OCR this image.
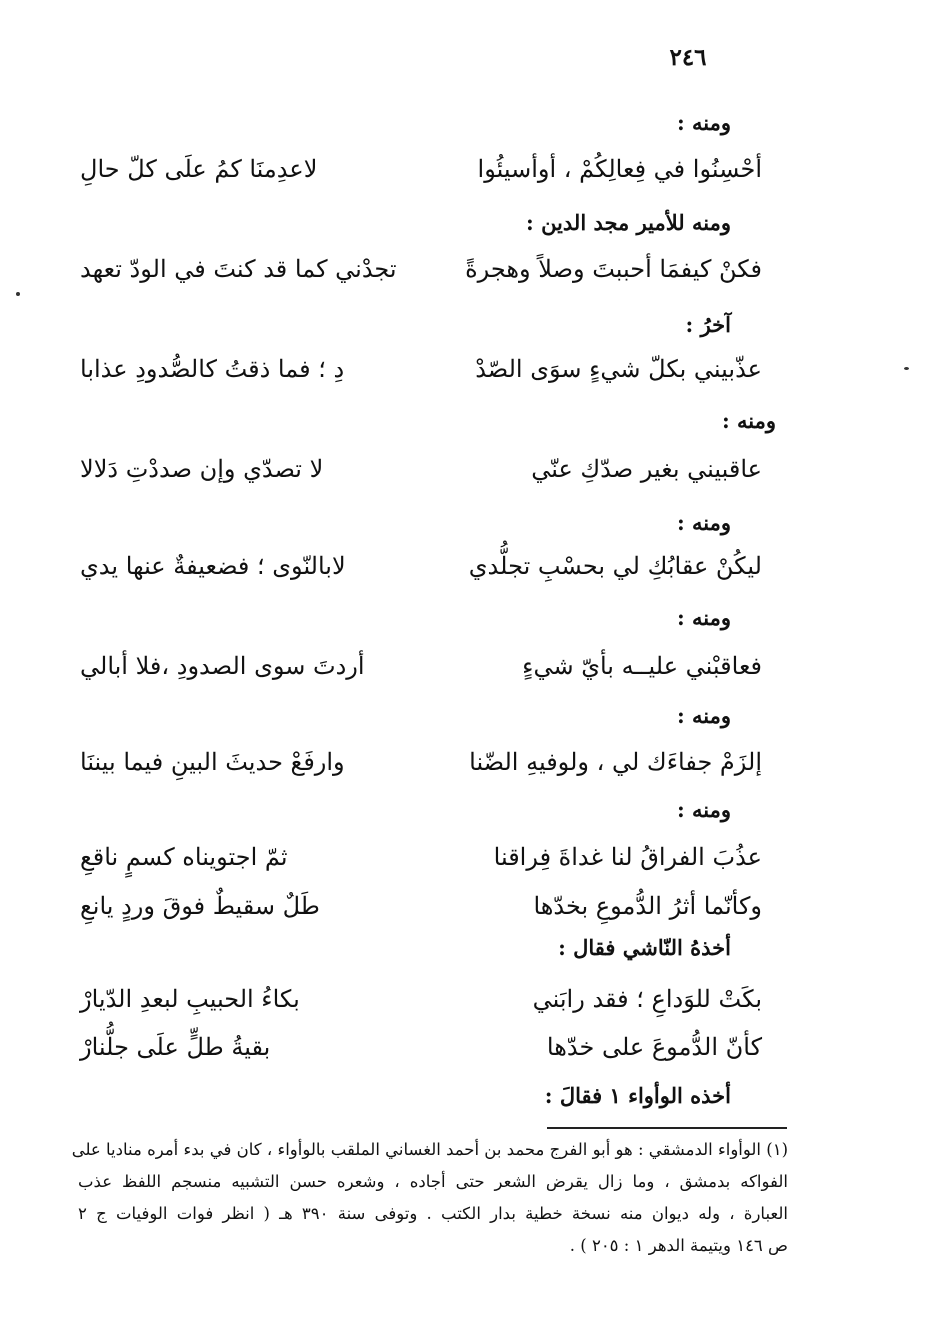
٢٤٦
ومنه :
أحْسِنُوا في فِعالِكُمْ ، أوأسيئُوا
لاعدِمنَا كمُ علَى كلّ حالِ
ومنه للأمير مجد الدين :
فكنْ كيفمَا أحببتَ وصلاً وهجرةً
تجدْني كما قد كنتَ في الودّ تعهد
آخرُ :
عذّبيني بكلّ شيءٍ سوَى الصّدْ
دِ ؛ فما ذقتُ كالصُّدودِ عذابا
ومنه :
عاقبيني بغير صدّكِ عنّي
لا تصدّي وإن صددْتِ دَلالا
ومنه :
ليكُنْ عقابُكِ لي بحسْبِ تجلُّدي
لابالنّوى ؛ فضعيفةٌ عنها يدي
ومنه :
فعاقبْني عليــه بأيّ شيءٍ
أردتَ سوى الصدودِ ،فلا أبالي
ومنه :
إلزَمْ جفاءَك لي ، ولوفيهِ الضّنا
وارفَعْ حديثَ البينِ فيما بيننَا
ومنه :
عذُبَ الفراقُ لنا غداةَ فِراقنا
ثمّ اجتويناه كسمٍ ناقعِ
وكأنّما أثرُ الدُّموعِ بخدّها
طَلٌ سقيطٌ فوقَ وردٍ يانعِ
أخذهُ النّاشي فقال :
بكَتْ للوَداعِ ؛ فقد رابَني
بكاءُ الحبيبِ لبعدِ الدّيارْ
كأنّ الدُّموعَ على خدّها
بقيةُ طلٍّ علَى جلُّنارْ
أخذه الوأواء ١ فقالَ :
(١) الوأواء الدمشقي : هو أبو الفرج محمد بن أحمد الغساني الملقب بالوأواء ، كان في بدء أمره مناديا على
الفواكه بدمشق ، وما زال يقرض الشعر حتى أجاده ، وشعره حسن التشبيه منسجم اللفظ عذب
العبارة ، وله ديوان منه نسخة خطية بدار الكتب . وتوفى سنة ٣٩٠ هـ ( انظر فوات الوفيات ج ٢
ص ١٤٦ ويتيمة الدهر ١ : ٢٠٥ ) .
